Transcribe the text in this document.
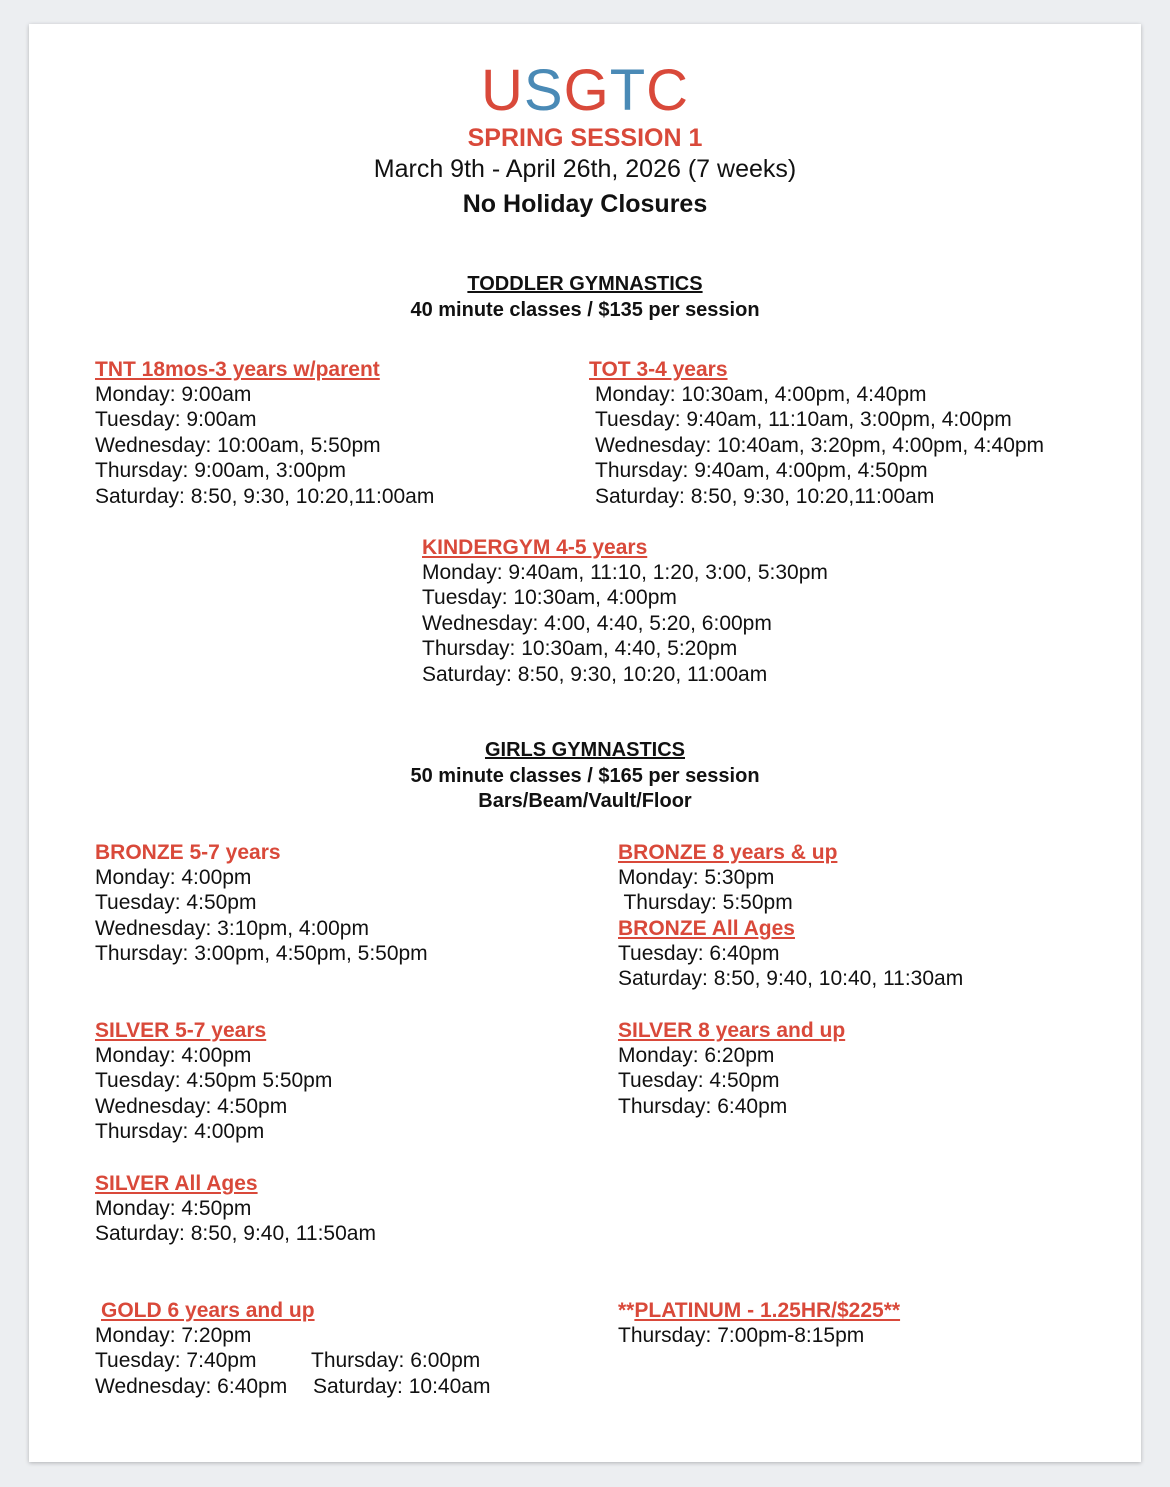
USGTC
SPRING SESSION 1
March 9th - April 26th, 2026 (7 weeks)
No Holiday Closures
TODDLER GYMNASTICS
40 minute classes / $135 per session
TNT 18mos-3 years w/parent
Monday: 9:00am
Tuesday: 9:00am
Wednesday: 10:00am, 5:50pm
Thursday: 9:00am, 3:00pm
Saturday: 8:50, 9:30, 10:20,11:00am
TOT 3-4 years
Monday: 10:30am, 4:00pm, 4:40pm
Tuesday: 9:40am, 11:10am, 3:00pm, 4:00pm
Wednesday: 10:40am, 3:20pm, 4:00pm, 4:40pm
Thursday: 9:40am, 4:00pm, 4:50pm
Saturday: 8:50, 9:30, 10:20,11:00am
KINDERGYM 4-5 years
Monday: 9:40am, 11:10, 1:20, 3:00, 5:30pm
Tuesday: 10:30am, 4:00pm
Wednesday: 4:00, 4:40, 5:20, 6:00pm
Thursday: 10:30am, 4:40, 5:20pm
Saturday: 8:50, 9:30, 10:20, 11:00am
GIRLS GYMNASTICS
50 minute classes / $165 per session
Bars/Beam/Vault/Floor
BRONZE 5-7 years
Monday: 4:00pm
Tuesday: 4:50pm
Wednesday: 3:10pm, 4:00pm
Thursday: 3:00pm, 4:50pm, 5:50pm
BRONZE 8 years & up
Monday: 5:30pm
Thursday: 5:50pm
BRONZE All Ages
Tuesday: 6:40pm
Saturday: 8:50, 9:40, 10:40, 11:30am
SILVER 5-7 years
Monday: 4:00pm
Tuesday: 4:50pm 5:50pm
Wednesday: 4:50pm
Thursday: 4:00pm
SILVER 8 years and up
Monday: 6:20pm
Tuesday: 4:50pm
Thursday: 6:40pm
SILVER All Ages
Monday: 4:50pm
Saturday: 8:50, 9:40, 11:50am
GOLD 6 years and up
Monday: 7:20pm
Tuesday: 7:40pm	Thursday: 6:00pm
Wednesday: 6:40pm Saturday: 10:40am
**PLATINUM - 1.25HR/$225**
Thursday: 7:00pm-8:15pm
